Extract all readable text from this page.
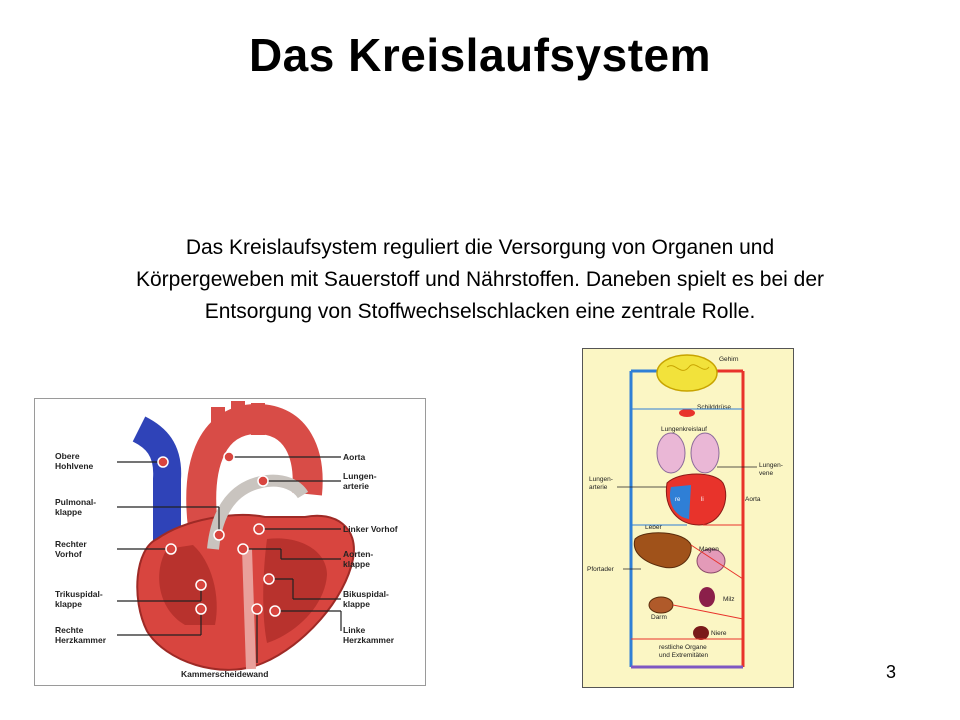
Das Kreislaufsystem
Das Kreislaufsystem reguliert die Versorgung von Organen und
Körpergeweben mit Sauerstoff und Nährstoffen. Daneben spielt es bei der
Entsorgung von Stoffwechselschlacken eine zentrale Rolle.
Obere
Hohlvene
Pulmonal-
klappe
Rechter
Vorhof
Trikuspidal-
klappe
Rechte
Herzkammer
Aorta
Lungen-
arterie
Linker Vorhof
Aorten-
klappe
Bikuspidal-
klappe
Linke
Herzkammer
Kammerscheidewand
Gehirn
Schilddrüse
Lungenkreislauf
Lungen-
vene
Lungen-
arterie
re	li	Aorta
Leber
Magen
Pfortader
Milz
Darm
Niere
restliche Organe
und Extremitäten
3
